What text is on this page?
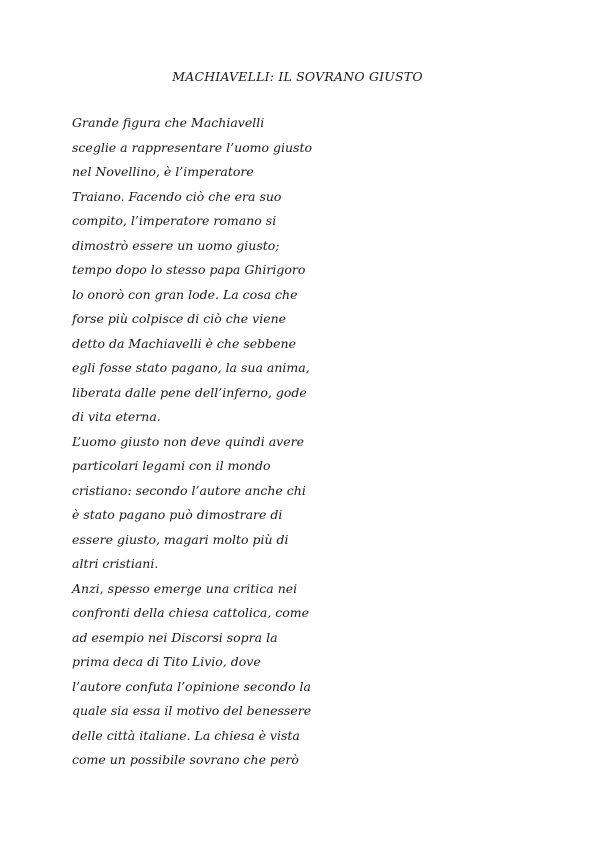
MACHIAVELLI: IL SOVRANO GIUSTO
Grande figura che Machiavelli
sceglie a rappresentare l’uomo giusto
nel Novellino, è l’imperatore
Traiano. Facendo ciò che era suo
compito, l’imperatore romano si
dimostrò essere un uomo giusto;
tempo dopo lo stesso papa Ghirigoro
lo onorò con gran lode. La cosa che
forse più colpisce di ciò che viene
detto da Machiavelli è che sebbene
egli fosse stato pagano, la sua anima,
liberata dalle pene dell’inferno, gode
di vita eterna.
L’uomo giusto non deve quindi avere
particolari legami con il mondo
cristiano: secondo l’autore anche chi
è stato pagano può dimostrare di
essere giusto, magari molto più di
altri cristiani.
Anzi, spesso emerge una critica nei
confronti della chiesa cattolica, come
ad esempio nei Discorsi sopra la
prima deca di Tito Livio, dove
l’autore confuta l’opinione secondo la
quale sia essa il motivo del benessere
delle città italiane. La chiesa è vista
come un possibile sovrano che però
